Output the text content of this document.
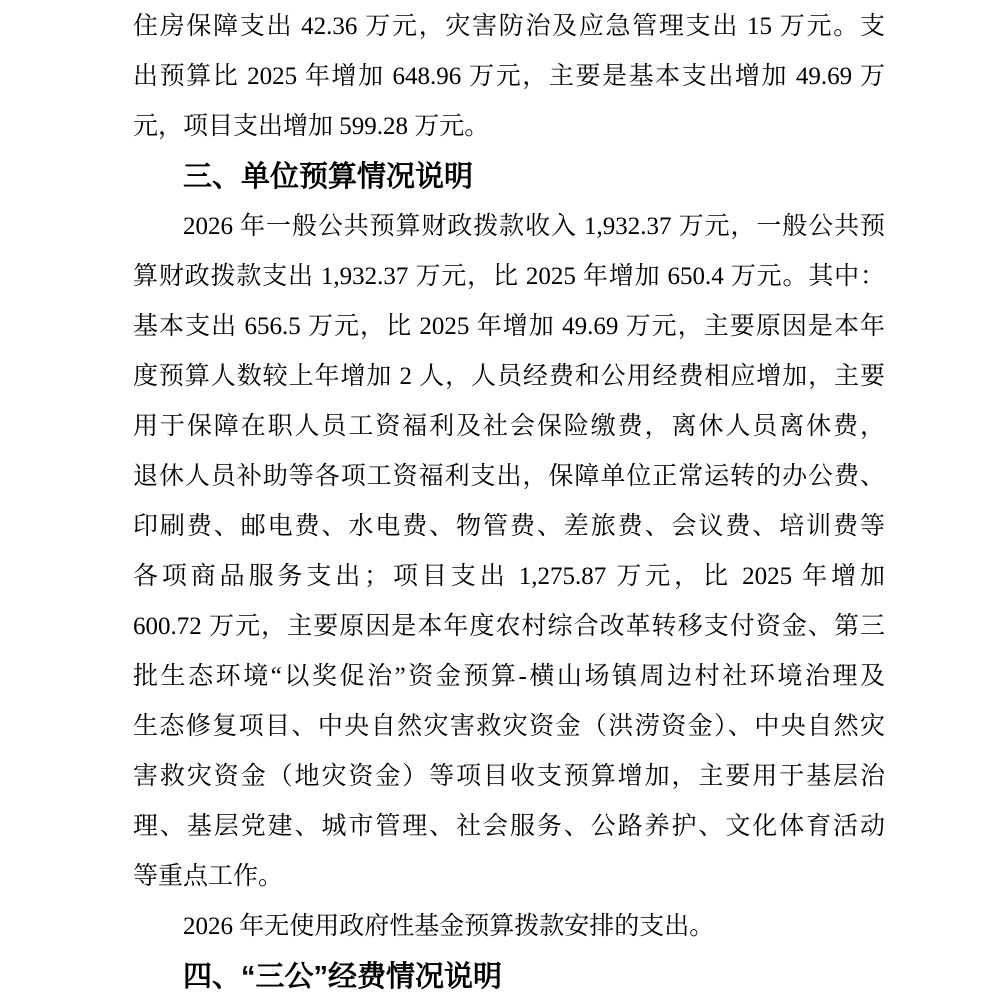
住房保障支出 42.36 万元，灾害防治及应急管理支出 15 万元。支
出预算比 2025 年增加 648.96 万元，主要是基本支出增加 49.69 万
元，项目支出增加 599.28 万元。
三、单位预算情况说明
2026 年一般公共预算财政拨款收入 1,932.37 万元，一般公共预
算财政拨款支出 1,932.37 万元，比 2025 年增加 650.4 万元。其中：
基本支出 656.5 万元，比 2025 年增加 49.69 万元，主要原因是本年
度预算人数较上年增加 2 人，人员经费和公用经费相应增加，主要
用于保障在职人员工资福利及社会保险缴费，离休人员离休费，
退休人员补助等各项工资福利支出，保障单位正常运转的办公费、
印刷费、邮电费、水电费、物管费、差旅费、会议费、培训费等
各项商品服务支出；项目支出 1,275.87 万元，比 2025 年增加
600.72 万元，主要原因是本年度农村综合改革转移支付资金、第三
批生态环境“以奖促治”资金预算-横山场镇周边村社环境治理及
生态修复项目、中央自然灾害救灾资金（洪涝资金）、中央自然灾
害救灾资金（地灾资金）等项目收支预算增加，主要用于基层治
理、基层党建、城市管理、社会服务、公路养护、文化体育活动
等重点工作。
2026 年无使用政府性基金预算拨款安排的支出。
四、“三公”经费情况说明
